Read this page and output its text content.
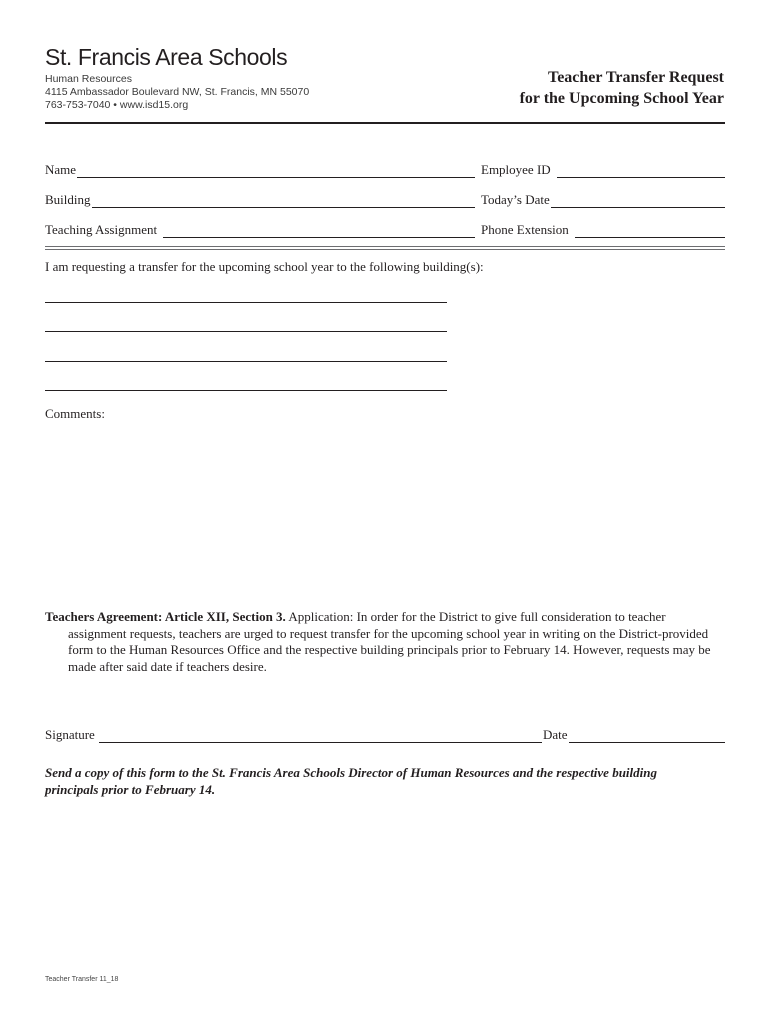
St. Francis Area Schools
Human Resources
4115 Ambassador Boulevard NW, St. Francis, MN 55070
763-753-7040 • www.isd15.org
Teacher Transfer Request
for the Upcoming School Year
Name	Employee ID
Building	Today’s Date
Teaching Assignment	Phone Extension
I am requesting a transfer for the upcoming school year to the following building(s):
Comments:

Teachers Agreement: Article XII, Section 3. Application: In order for the District to give full consideration to teacher assignment requests, teachers are urged to request transfer for the upcoming school year in writing on the District-provided form to the Human Resources Office and the respective building principals prior to February 14. However, requests may be made after said date if teachers desire.

Signature	Date
Send a copy of this form to the St. Francis Area Schools Director of Human Resources and the respective building principals prior to February 14.
Teacher Transfer 11_18
